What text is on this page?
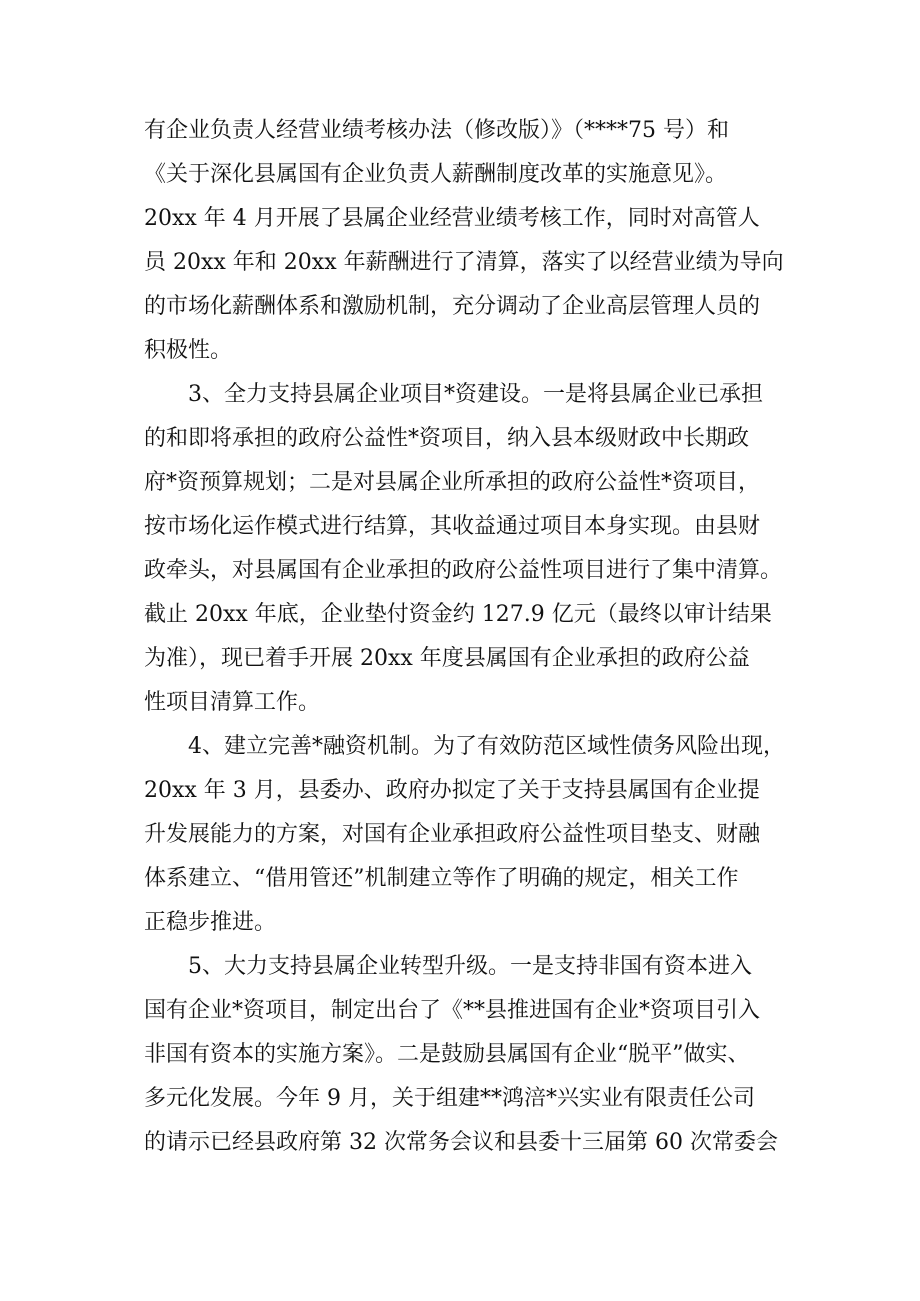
有企业负责人经营业绩考核办法（修改版）》（****75 号）和
《关于深化县属国有企业负责人薪酬制度改革的实施意见》。
20xx 年 4 月开展了县属企业经营业绩考核工作，同时对高管人
员 20xx 年和 20xx 年薪酬进行了清算，落实了以经营业绩为导向
的市场化薪酬体系和激励机制，充分调动了企业高层管理人员的
积极性。
　　3、全力支持县属企业项目*资建设。一是将县属企业已承担
的和即将承担的政府公益性*资项目，纳入县本级财政中长期政
府*资预算规划；二是对县属企业所承担的政府公益性*资项目，
按市场化运作模式进行结算，其收益通过项目本身实现。由县财
政牵头，对县属国有企业承担的政府公益性项目进行了集中清算。
截止 20xx 年底，企业垫付资金约 127.9 亿元（最终以审计结果
为准），现已着手开展 20xx 年度县属国有企业承担的政府公益
性项目清算工作。
　　4、建立完善*融资机制。为了有效防范区域性债务风险出现，
20xx 年 3 月，县委办、政府办拟定了关于支持县属国有企业提
升发展能力的方案，对国有企业承担政府公益性项目垫支、财融
体系建立、“借用管还”机制建立等作了明确的规定，相关工作
正稳步推进。
　　5、大力支持县属企业转型升级。一是支持非国有资本进入
国有企业*资项目，制定出台了《**县推进国有企业*资项目引入
非国有资本的实施方案》。二是鼓励县属国有企业“脱平”做实、
多元化发展。今年 9 月，关于组建**鸿涪*兴实业有限责任公司
的请示已经县政府第 32 次常务会议和县委十三届第 60 次常委会
